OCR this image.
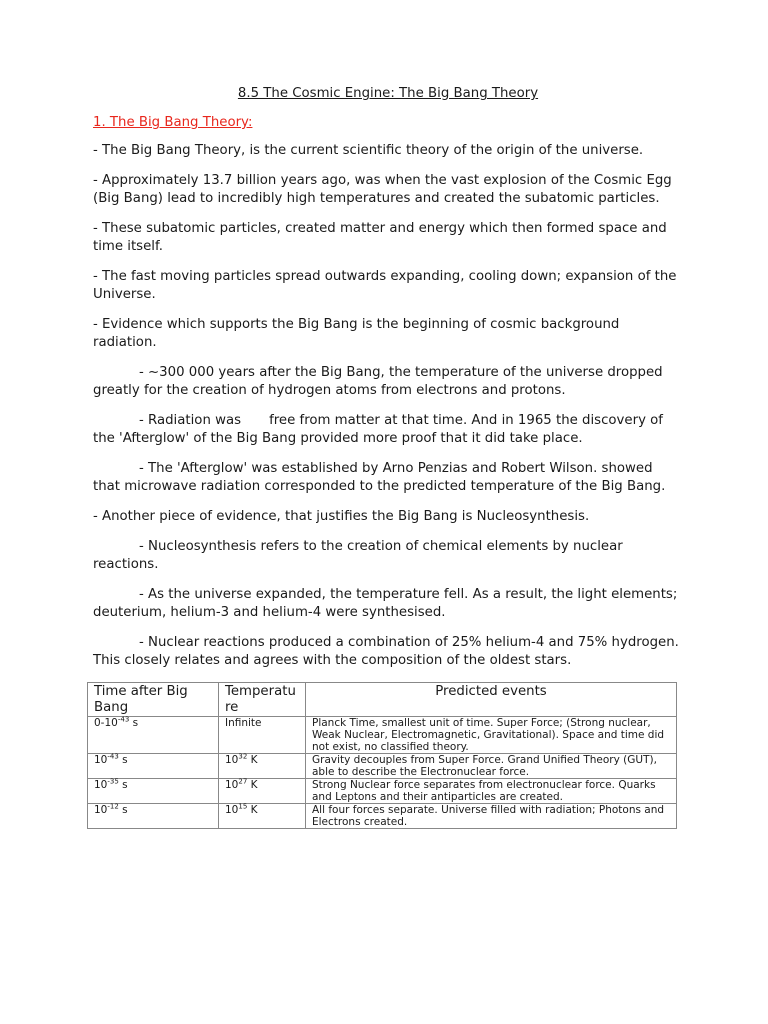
8.5 The Cosmic Engine: The Big Bang Theory
1. The Big Bang Theory:

- The Big Bang Theory, is the current scientific theory of the origin of the universe.

- Approximately 13.7 billion years ago, was when the vast explosion of the Cosmic Egg (Big Bang) lead to incredibly high temperatures and created the subatomic particles.

- These subatomic particles, created matter and energy which then formed space and time itself.

- The fast moving particles spread outwards expanding, cooling down; expansion of the Universe.

- Evidence which supports the Big Bang is the beginning of cosmic background radiation.

- ~300 000 years after the Big Bang, the temperature of the universe dropped greatly for the creation of hydrogen atoms from electrons and protons.

- Radiation was free from matter at that time. And in 1965 the discovery of the 'Afterglow' of the Big Bang provided more proof that it did take place.

- The 'Afterglow' was established by Arno Penzias and Robert Wilson. showed that microwave radiation corresponded to the predicted temperature of the Big Bang.

- Another piece of evidence, that justifies the Big Bang is Nucleosynthesis.

- Nucleosynthesis refers to the creation of chemical elements by nuclear reactions.

- As the universe expanded, the temperature fell. As a result, the light elements; deuterium, helium-3 and helium-4 were synthesised.

- Nuclear reactions produced a combination of 25% helium-4 and 75% hydrogen. This closely relates and agrees with the composition of the oldest stars.

Time after Big Bang	Temperatu re	Predicted events
$0-10^{-43}$ s	Infinite	Planck Time, smallest unit of time. Super Force; (Strong nuclear, Weak Nuclear, Electromagnetic, Gravitational). Space and time did not exist, no classified theory.
$10^{-43}$ s	$10^{32}$ K	Gravity decouples from Super Force. Grand Unified Theory (GUT), able to describe the Electronuclear force.
$10^{-35}$ s	$10^{27}$ K	Strong Nuclear force separates from electronuclear force. Quarks and Leptons and their antiparticles are created.
$10^{-12}$ s	$10^{15}$ K	All four forces separate. Universe filled with radiation; Photons and Electrons created.
